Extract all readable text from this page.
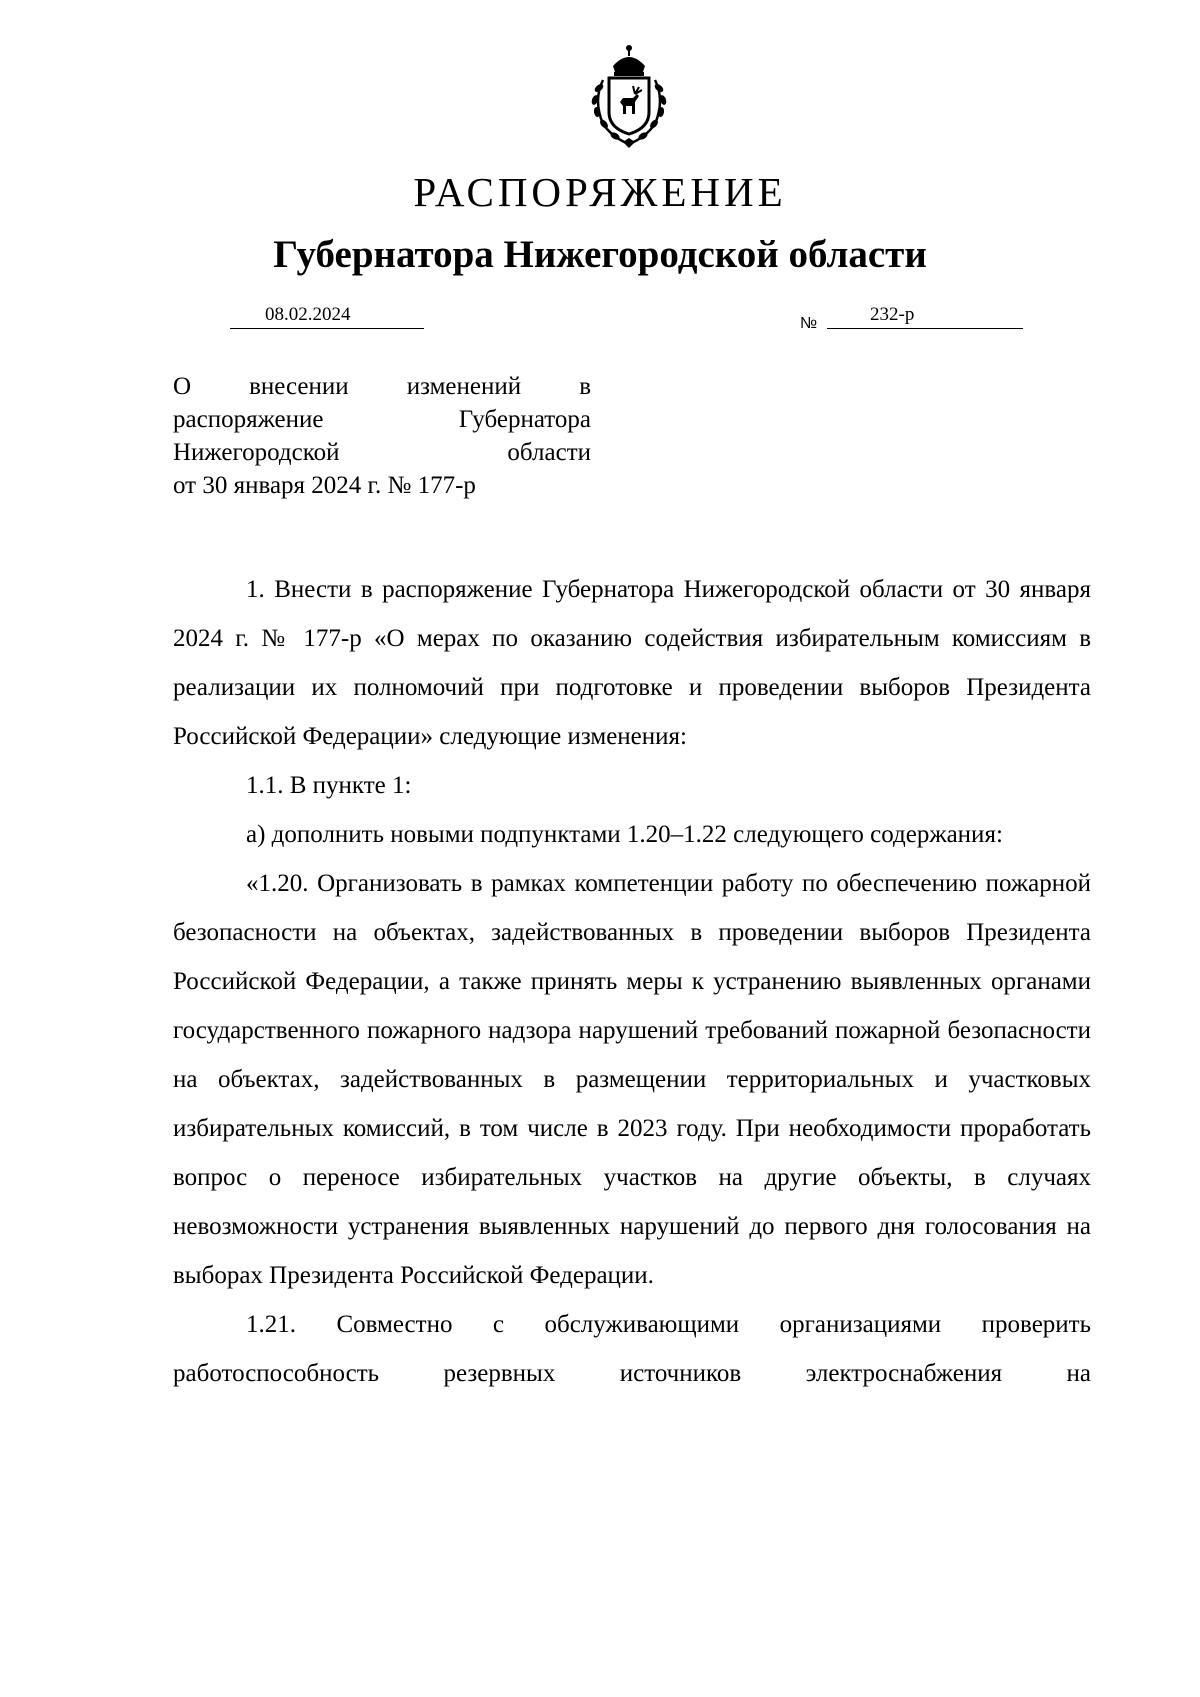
РАСПОРЯЖЕНИЕ
Губернатора Нижегородской области
08.02.2024	№	232-р
О внесении изменений в
распоряжение Губернатора
Нижегородской области
от 30 января 2024 г. № 177-р

1. Внести в распоряжение Губернатора Нижегородской области от 30 января 2024 г. № 177-р «О мерах по оказанию содействия избирательным комиссиям в реализации их полномочий при подготовке и проведении выборов Президента Российской Федерации» следующие изменения:

1.1. В пункте 1:

а) дополнить новыми подпунктами 1.20–1.22 следующего содержания:

«1.20. Организовать в рамках компетенции работу по обеспечению пожарной безопасности на объектах, задействованных в проведении выборов Президента Российской Федерации, а также принять меры к устранению выявленных органами государственного пожарного надзора нарушений требований пожарной безопасности на объектах, задействованных в размещении территориальных и участковых избирательных комиссий, в том числе в 2023 году. При необходимости проработать вопрос о переносе избирательных участков на другие объекты, в случаях невозможности устранения выявленных нарушений до первого дня голосования на выборах Президента Российской Федерации.

1.21. Совместно с обслуживающими организациями проверить работоспособность резервных источников электроснабжения на
